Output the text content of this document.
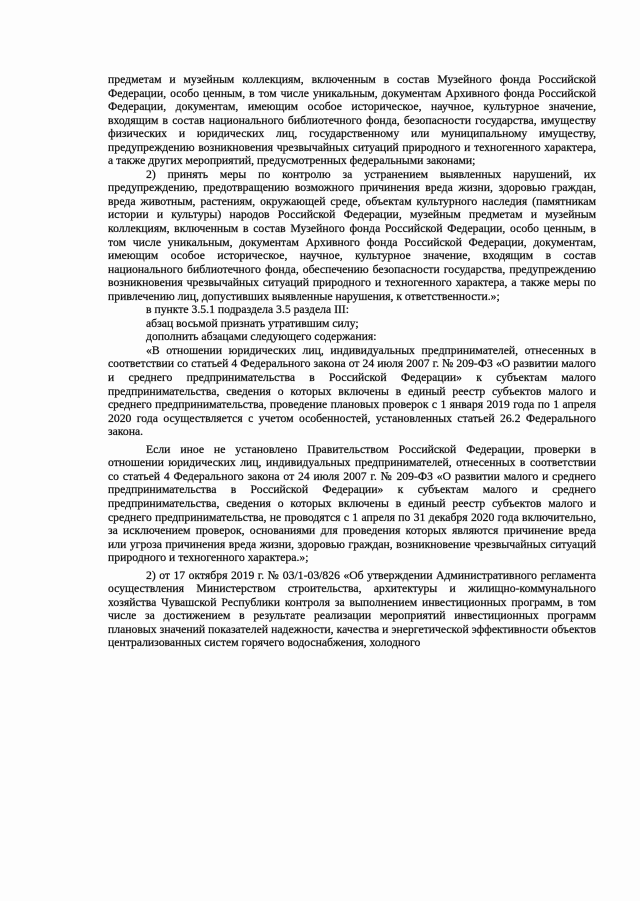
предметам и музейным коллекциям, включенным в состав Музейного фонда Российской Федерации, особо ценным, в том числе уникальным, документам Архивного фонда Российской Федерации, документам, имеющим особое историческое, научное, культурное значение, входящим в состав национального библиотечного фонда, безопасности государства, имуществу физических и юридических лиц, государственному или муниципальному имуществу, предупреждению возникновения чрезвычайных ситуаций природного и техногенного характера, а также других мероприятий, предусмотренных федеральными законами;

2) принять меры по контролю за устранением выявленных нарушений, их предупреждению, предотвращению возможного причинения вреда жизни, здоровью граждан, вреда животным, растениям, окружающей среде, объектам культурного наследия (памятникам истории и культуры) народов Российской Федерации, музейным предметам и музейным коллекциям, включенным в состав Музейного фонда Российской Федерации, особо ценным, в том числе уникальным, документам Архивного фонда Российской Федерации, документам, имеющим особое историческое, научное, культурное значение, входящим в состав национального библиотечного фонда, обеспечению безопасности государства, предупреждению возникновения чрезвычайных ситуаций природного и техногенного характера, а также меры по привлечению лиц, допустивших выявленные нарушения, к ответственности.»;

в пункте 3.5.1 подраздела 3.5 раздела III:

абзац восьмой признать утратившим силу;

дополнить абзацами следующего содержания:

«В отношении юридических лиц, индивидуальных предпринимателей, отнесенных в соответствии со статьей 4 Федерального закона от 24 июля 2007 г. № 209-ФЗ «О развитии малого и среднего предпринимательства в Российской Федерации» к субъектам малого предпринимательства, сведения о которых включены в единый реестр субъектов малого и среднего предпринимательства, проведение плановых проверок с 1 января 2019 года по 1 апреля 2020 года осуществляется с учетом особенностей, установленных статьей 26.2 Федерального закона.

Если иное не установлено Правительством Российской Федерации, проверки в отношении юридических лиц, индивидуальных предпринимателей, отнесенных в соответствии со статьей 4 Федерального закона от 24 июля 2007 г. № 209-ФЗ «О развитии малого и среднего предпринимательства в Российской Федерации» к субъектам малого и среднего предпринимательства, сведения о которых включены в единый реестр субъектов малого и среднего предпринимательства, не проводятся с 1 апреля по 31 декабря 2020 года включительно, за исключением проверок, основаниями для проведения которых являются причинение вреда или угроза причинения вреда жизни, здоровью граждан, возникновение чрезвычайных ситуаций природного и техногенного характера.»;

2) от 17 октября 2019 г. № 03/1-03/826 «Об утверждении Административного регламента осуществления Министерством строительства, архитектуры и жилищно-коммунального хозяйства Чувашской Республики контроля за выполнением инвестиционных программ, в том числе за достижением в результате реализации мероприятий инвестиционных программ плановых значений показателей надежности, качества и энергетической эффективности объектов централизованных систем горячего водоснабжения, холодного
